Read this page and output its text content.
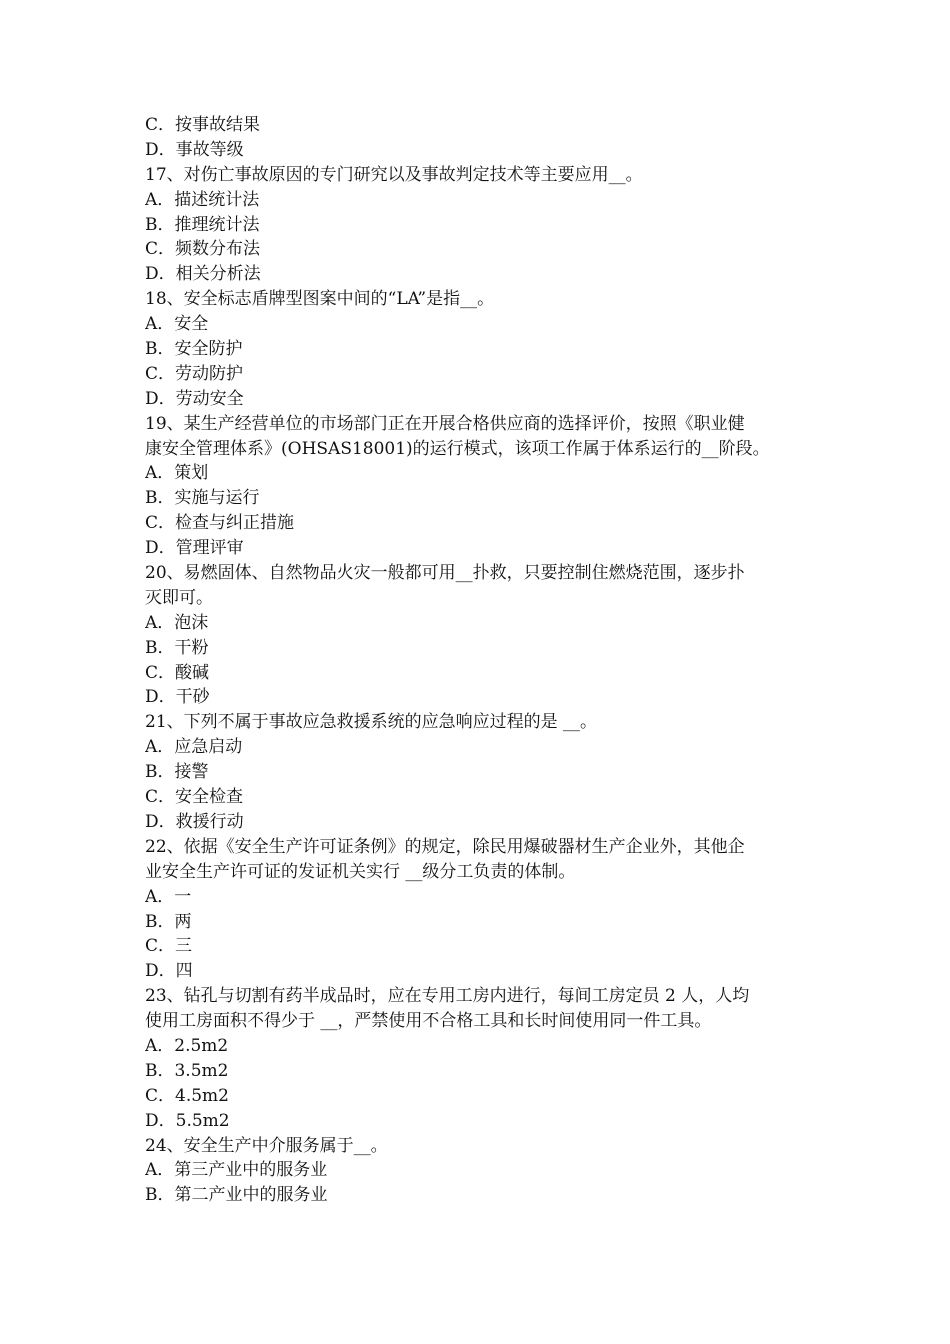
C．按事故结果
D．事故等级
17、对伤亡事故原因的专门研究以及事故判定技术等主要应用__。
A．描述统计法
B．推理统计法
C．频数分布法
D．相关分析法
18、安全标志盾牌型图案中间的“LA”是指__。
A．安全
B．安全防护
C．劳动防护
D．劳动安全
19、某生产经营单位的市场部门正在开展合格供应商的选择评价，按照《职业健
康安全管理体系》(OHSAS18001)的运行模式，该项工作属于体系运行的__阶段。
A．策划
B．实施与运行
C．检查与纠正措施
D．管理评审
20、易燃固体、自然物品火灾一般都可用__扑救，只要控制住燃烧范围，逐步扑
灭即可。
A．泡沫
B．干粉
C．酸碱
D．干砂
21、下列不属于事故应急救援系统的应急响应过程的是 __。
A．应急启动
B．接警
C．安全检查
D．救援行动
22、依据《安全生产许可证条例》的规定，除民用爆破器材生产企业外，其他企
业安全生产许可证的发证机关实行 __级分工负责的体制。
A．一
B．两
C．三
D．四
23、钻孔与切割有药半成品时，应在专用工房内进行，每间工房定员 2 人，人均
使用工房面积不得少于 __，严禁使用不合格工具和长时间使用同一件工具。
A．2.5m2
B．3.5m2
C．4.5m2
D．5.5m2
24、安全生产中介服务属于__。
A．第三产业中的服务业
B．第二产业中的服务业
